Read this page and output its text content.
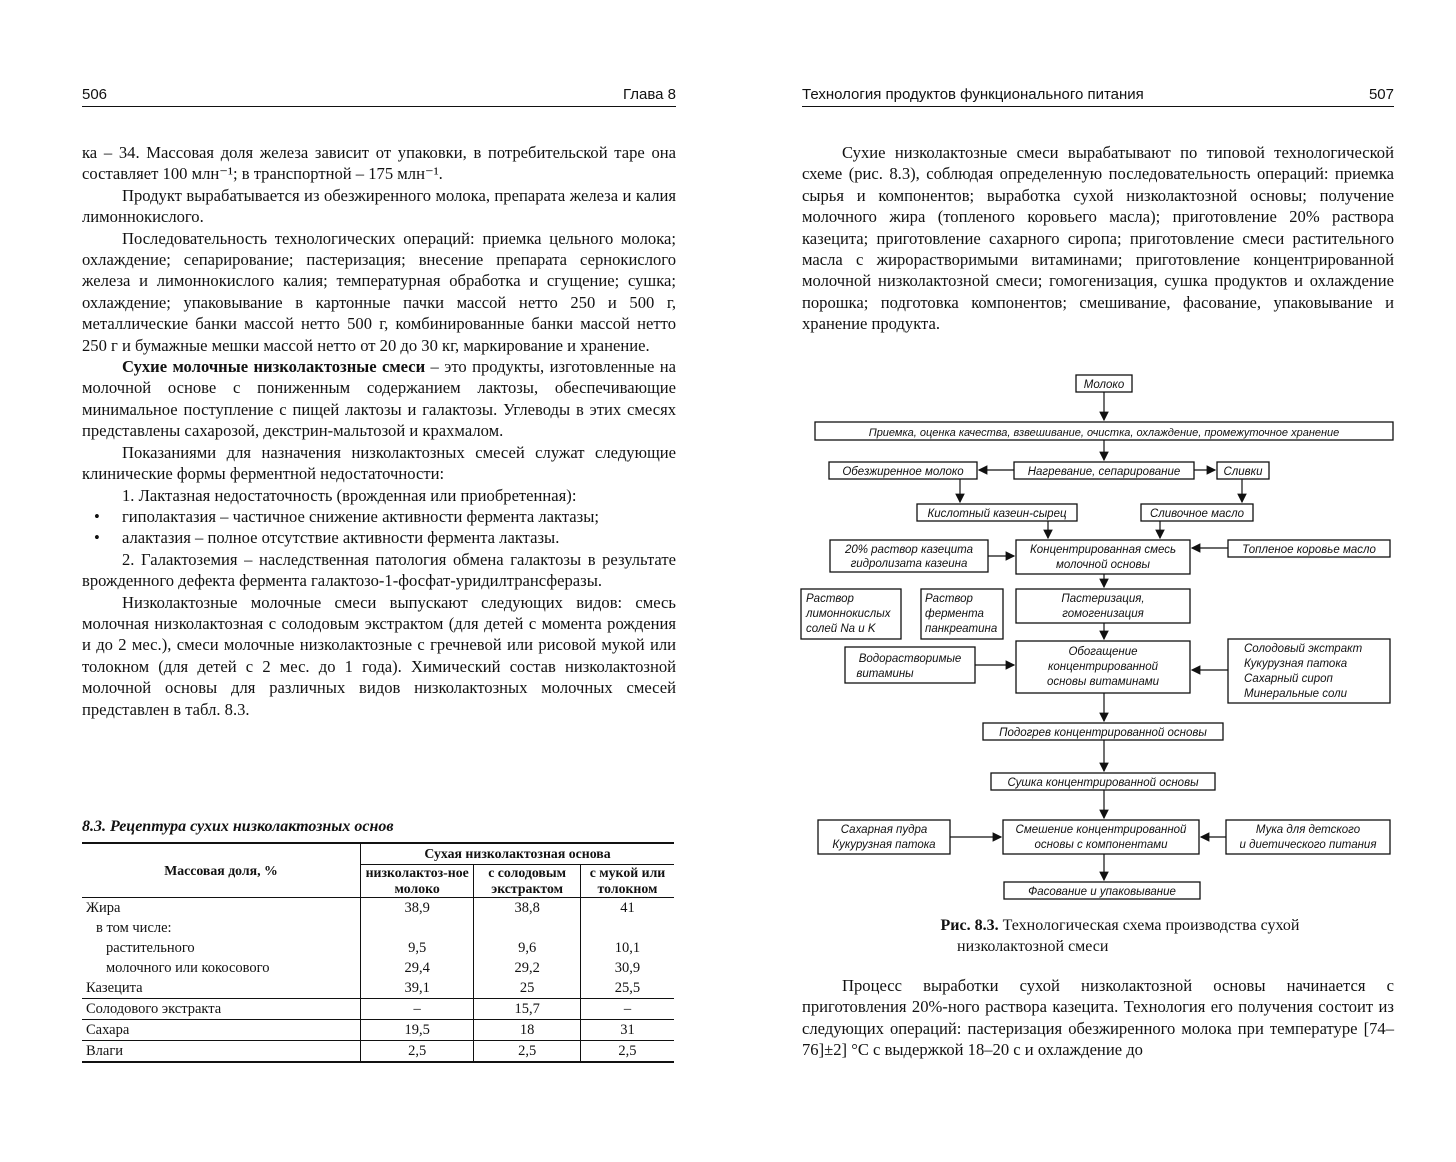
506	Глава 8

ка – 34. Массовая доля железа зависит от упаковки, в потребительской таре она составляет 100 млн⁻¹; в транспортной – 175 млн⁻¹.

Продукт вырабатывается из обезжиренного молока, препарата железа и калия лимоннокислого.

Последовательность технологических операций: приемка цельного молока; охлаждение; сепарирование; пастеризация; внесение препарата сернокислого железа и лимоннокислого калия; температурная обработка и сгущение; сушка; охлаждение; упаковывание в картонные пачки массой нетто 250 и 500 г, металлические банки массой нетто 500 г, комбинированные банки массой нетто 250 г и бумажные мешки массой нетто от 20 до 30 кг, маркирование и хранение.

Сухие молочные низколактозные смеси – это продукты, изготовленные на молочной основе с пониженным содержанием лактозы, обеспечивающие минимальное поступление с пищей лактозы и галактозы. Углеводы в этих смесях представлены сахарозой, декстрин-мальтозой и крахмалом.

Показаниями для назначения низколактозных смесей служат следующие клинические формы ферментной недостаточности:

1. Лактазная недостаточность (врожденная или приобретенная):

• гиполактазия – частичное снижение активности фермента лактазы;
• алактазия – полное отсутствие активности фермента лактазы.

2. Галактоземия – наследственная патология обмена галактозы в результате врожденного дефекта фермента галактозо-1-фосфат-уридилтрансферазы.

Низколактозные молочные смеси выпускают следующих видов: смесь молочная низколактозная с солодовым экстрактом (для детей с момента рождения и до 2 мес.), смеси молочные низколактозные с гречневой или рисовой мукой или толокном (для детей с 2 мес. до 1 года). Химический состав низколактозной молочной основы для различных видов низколактозных молочных смесей представлен в табл. 8.3.

8.3. Рецептура сухих низколактозных основ
Массовая доля, %	Сухая низколактозная основа		
	низколактоз-ное молоко	с солодовым экстрактом	с мукой или толокном
Жира	38,9	38,8	41
в том числе:			
растительного	9,5	9,6	10,1
молочного или кокосового	29,4	29,2	30,9
Казецита	39,1	25	25,5
Солодового экстракта	–	15,7	–
Сахара	19,5	18	31
Влаги	2,5	2,5	2,5
Технология продуктов функционального питания	507

Сухие низколактозные смеси вырабатывают по типовой технологической схеме (рис. 8.3), соблюдая определенную последовательность операций: приемка сырья и компонентов; выработка сухой низколактозной основы; получение молочного жира (топленого коровьего масла); приготовление 20% раствора казецита; приготовление сахарного сиропа; приготовление смеси растительного масла с жирорастворимыми витаминами; приготовление концентрированной молочной низколактозной смеси; гомогенизация, сушка продуктов и охлаждение порошка; подготовка компонентов; смешивание, фасование, упаковывание и хранение продукта.

Молоко
Приемка, оценка качества, взвешивание, очистка, охлаждение, промежуточное хранение
Обезжиренное молоко	Нагревание, сепарирование	Сливки
Кислотный казеин-сырец	Сливочное масло
20% раствор казецита
гидролизата казеина
Концентрированная смесь
молочной основы
Топленое коровье масло
Раствор
лимоннокислых
солей Na и K
Раствор
фермента
панкреатина
Пастеризация,
гомогенизация
Водорастворимые
витамины
Обогащение
концентрированной
основы витаминами
Солодовый экстракт
Кукурузная патока
Сахарный сироп
Минеральные соли
Подогрев концентрированной основы
Сушка концентрированной основы
Сахарная пудра
Кукурузная патока
Смешение концентрированной
основы с компонентами
Мука для детского
и диетического питания
Фасование и упаковывание
Рис. 8.3. Технологическая схема производства сухой
низколактозной смеси

Процесс выработки сухой низколактозной основы начинается с приготовления 20%-ного раствора казецита. Технология его получения состоит из следующих операций: пастеризация обезжиренного молока при температуре [74–76]±2] °С с выдержкой 18–20 с и охлаждение до
